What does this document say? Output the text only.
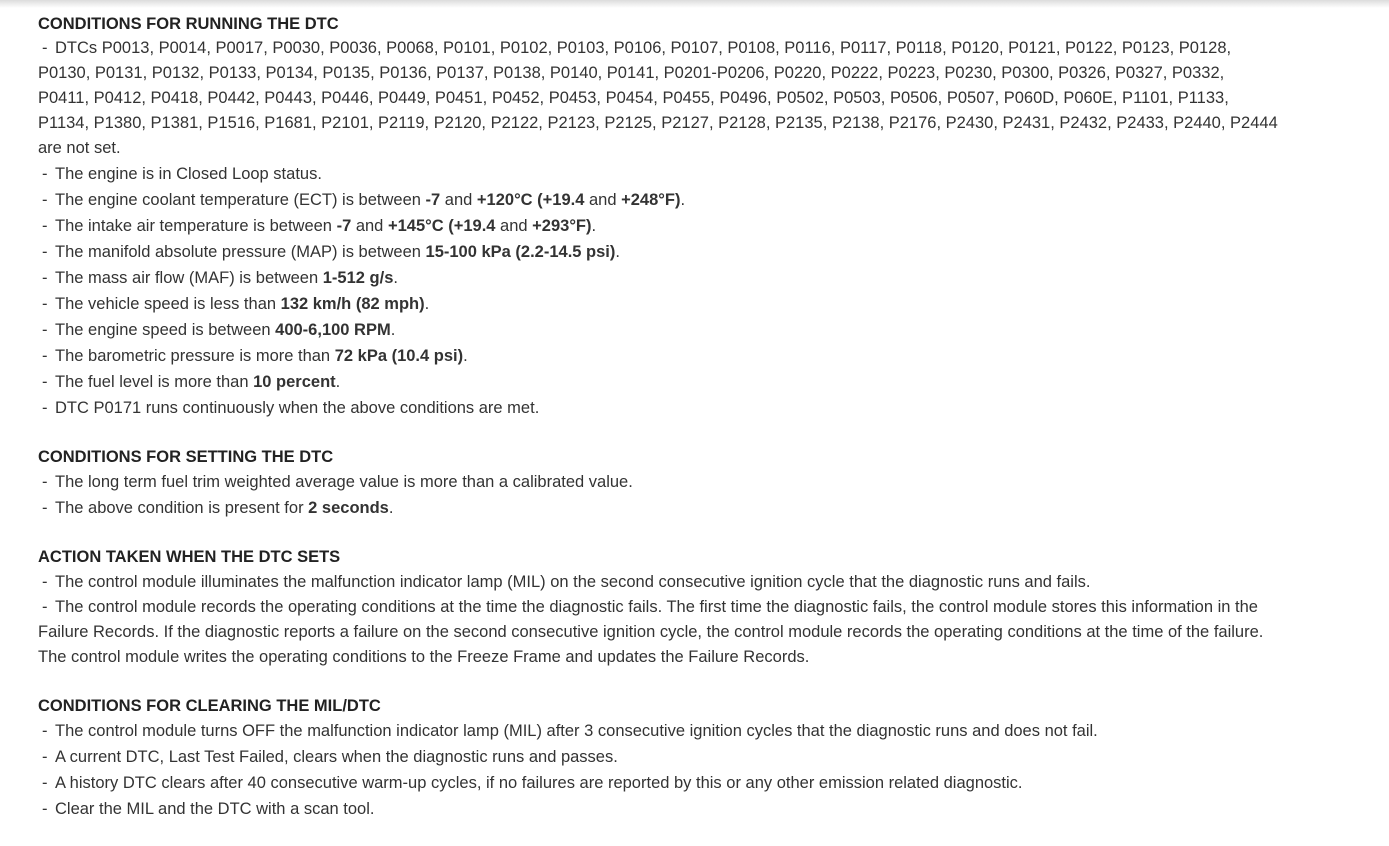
CONDITIONS FOR RUNNING THE DTC
- DTCs P0013, P0014, P0017, P0030, P0036, P0068, P0101, P0102, P0103, P0106, P0107, P0108, P0116, P0117, P0118, P0120, P0121, P0122, P0123, P0128, P0130, P0131, P0132, P0133, P0134, P0135, P0136, P0137, P0138, P0140, P0141, P0201-P0206, P0220, P0222, P0223, P0230, P0300, P0326, P0327, P0332, P0411, P0412, P0418, P0442, P0443, P0446, P0449, P0451, P0452, P0453, P0454, P0455, P0496, P0502, P0503, P0506, P0507, P060D, P060E, P1101, P1133, P1134, P1380, P1381, P1516, P1681, P2101, P2119, P2120, P2122, P2123, P2125, P2127, P2128, P2135, P2138, P2176, P2430, P2431, P2432, P2433, P2440, P2444 are not set.
- The engine is in Closed Loop status.
- The engine coolant temperature (ECT) is between -7 and +120°C (+19.4 and +248°F).
- The intake air temperature is between -7 and +145°C (+19.4 and +293°F).
- The manifold absolute pressure (MAP) is between 15-100 kPa (2.2-14.5 psi).
- The mass air flow (MAF) is between 1-512 g/s.
- The vehicle speed is less than 132 km/h (82 mph).
- The engine speed is between 400-6,100 RPM.
- The barometric pressure is more than 72 kPa (10.4 psi).
- The fuel level is more than 10 percent.
- DTC P0171 runs continuously when the above conditions are met.
CONDITIONS FOR SETTING THE DTC
- The long term fuel trim weighted average value is more than a calibrated value.
- The above condition is present for 2 seconds.
ACTION TAKEN WHEN THE DTC SETS
- The control module illuminates the malfunction indicator lamp (MIL) on the second consecutive ignition cycle that the diagnostic runs and fails.
- The control module records the operating conditions at the time the diagnostic fails. The first time the diagnostic fails, the control module stores this information in the Failure Records. If the diagnostic reports a failure on the second consecutive ignition cycle, the control module records the operating conditions at the time of the failure. The control module writes the operating conditions to the Freeze Frame and updates the Failure Records.
CONDITIONS FOR CLEARING THE MIL/DTC
- The control module turns OFF the malfunction indicator lamp (MIL) after 3 consecutive ignition cycles that the diagnostic runs and does not fail.
- A current DTC, Last Test Failed, clears when the diagnostic runs and passes.
- A history DTC clears after 40 consecutive warm-up cycles, if no failures are reported by this or any other emission related diagnostic.
- Clear the MIL and the DTC with a scan tool.
